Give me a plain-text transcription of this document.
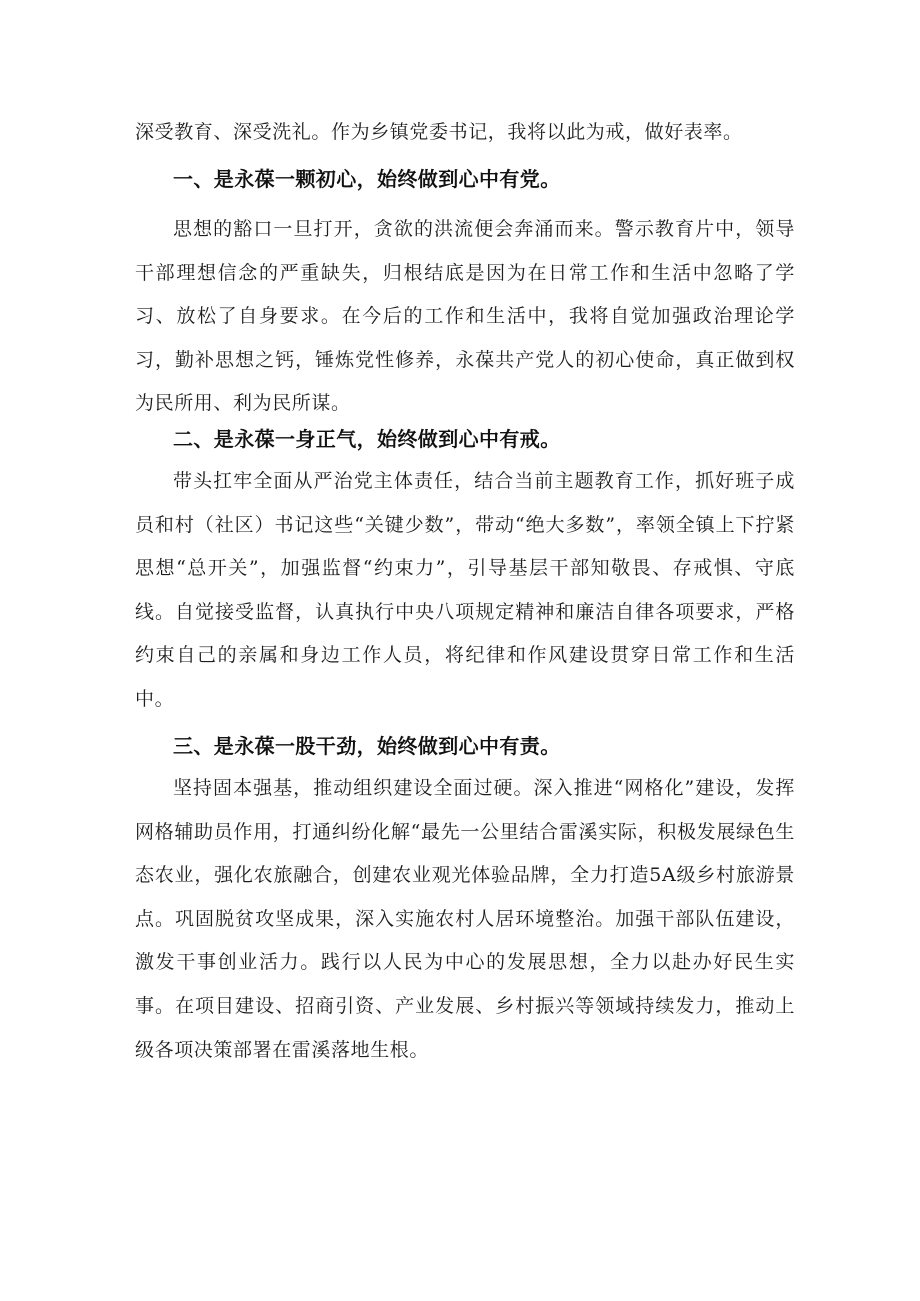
深受教育、深受洗礼。作为乡镇党委书记，我将以此为戒，做好表率。

一、是永葆一颗初心，始终做到心中有党。

思想的豁口一旦打开，贪欲的洪流便会奔涌而来。警示教育片中，领导干部理想信念的严重缺失，归根结底是因为在日常工作和生活中忽略了学习、放松了自身要求。在今后的工作和生活中，我将自觉加强政治理论学习，勤补思想之钙，锤炼党性修养，永葆共产党人的初心使命，真正做到权为民所用、利为民所谋。

二、是永葆一身正气，始终做到心中有戒。

带头扛牢全面从严治党主体责任，结合当前主题教育工作，抓好班子成员和村（社区）书记这些“关键少数”，带动“绝大多数”，率领全镇上下拧紧思想“总开关”，加强监督“约束力”，引导基层干部知敬畏、存戒惧、守底线。自觉接受监督，认真执行中央八项规定精神和廉洁自律各项要求，严格约束自己的亲属和身边工作人员，将纪律和作风建设贯穿日常工作和生活中。

三、是永葆一股干劲，始终做到心中有责。

坚持固本强基，推动组织建设全面过硬。深入推进“网格化”建设，发挥网格辅助员作用，打通纠纷化解“最先一公里结合雷溪实际，积极发展绿色生态农业，强化农旅融合，创建农业观光体验品牌，全力打造5A级乡村旅游景点。巩固脱贫攻坚成果，深入实施农村人居环境整治。加强干部队伍建设，激发干事创业活力。践行以人民为中心的发展思想，全力以赴办好民生实事。在项目建设、招商引资、产业发展、乡村振兴等领域持续发力，推动上级各项决策部署在雷溪落地生根。
